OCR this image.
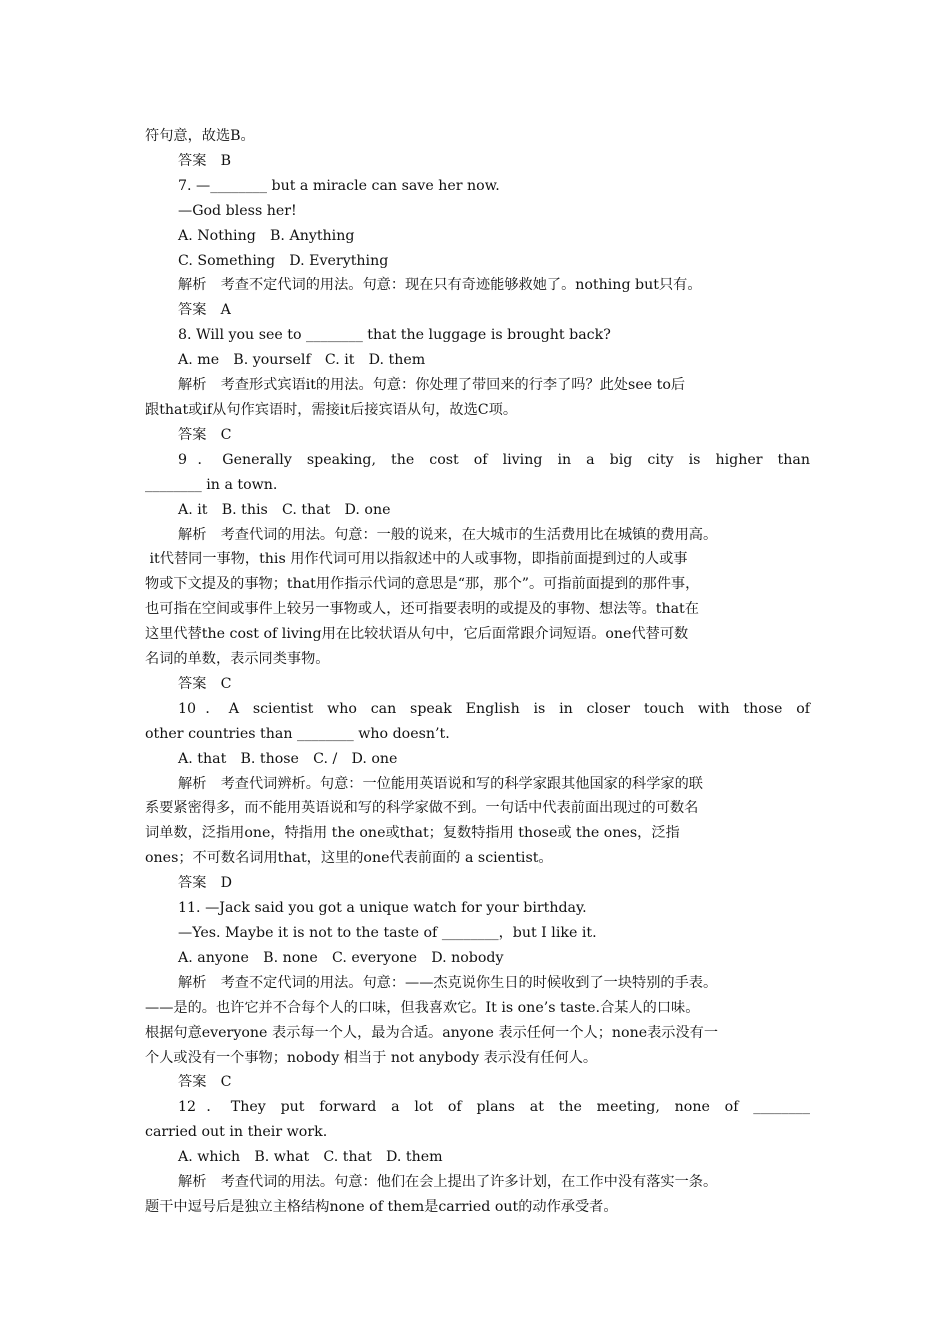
符句意，故选B。

答案　B

7. —________ but a miracle can save her now.

—God bless her!

A. Nothing　B. Anything

C. Something　D. Everything

解析　考查不定代词的用法。句意：现在只有奇迹能够救她了。nothing but只有。

答案　A

8. Will you see to ________ that the luggage is brought back?

A. me　B. yourself　C. it　D. them

解析　考查形式宾语it的用法。句意：你处理了带回来的行李了吗？此处see to后

跟that或if从句作宾语时，需接it后接宾语从句，故选C项。

答案　C

9．Generally speaking, the cost of living in a big city is higher than

________ in a town.

A. it　B. this　C. that　D. one

解析　考查代词的用法。句意：一般的说来，在大城市的生活费用比在城镇的费用高。

it代替同一事物，this 用作代词可用以指叙述中的人或事物，即指前面提到过的人或事

物或下文提及的事物；that用作指示代词的意思是“那，那个”。可指前面提到的那件事，

也可指在空间或事件上较另一事物或人，还可指要表明的或提及的事物、想法等。that在

这里代替the cost of living用在比较状语从句中，它后面常跟介词短语。one代替可数

名词的单数，表示同类事物。

答案　C

10．A scientist who can speak English is in closer touch with those of

other countries than ________ who doesn’t.

A. that　B. those　C. /　D. one

解析　考查代词辨析。句意：一位能用英语说和写的科学家跟其他国家的科学家的联

系要紧密得多，而不能用英语说和写的科学家做不到。一句话中代表前面出现过的可数名

词单数，泛指用one，特指用 the one或that；复数特指用 those或 the ones，泛指

ones；不可数名词用that，这里的one代表前面的 a scientist。

答案　D

11. —Jack said you got a unique watch for your birthday.

—Yes. Maybe it is not to the taste of ________，but I like it.

A. anyone　B. none　C. everyone　D. nobody

解析　考查不定代词的用法。句意：——杰克说你生日的时候收到了一块特别的手表。

——是的。也许它并不合每个人的口味，但我喜欢它。It is one’s taste.合某人的口味。

根据句意everyone 表示每一个人，最为合适。anyone 表示任何一个人；none表示没有一

个人或没有一个事物；nobody 相当于 not anybody 表示没有任何人。

答案　C

12．They put forward a lot of plans at the meeting, none of ________

carried out in their work.

A. which　B. what　C. that　D. them

解析　考查代词的用法。句意：他们在会上提出了许多计划，在工作中没有落实一条。

题干中逗号后是独立主格结构none of them是carried out的动作承受者。
